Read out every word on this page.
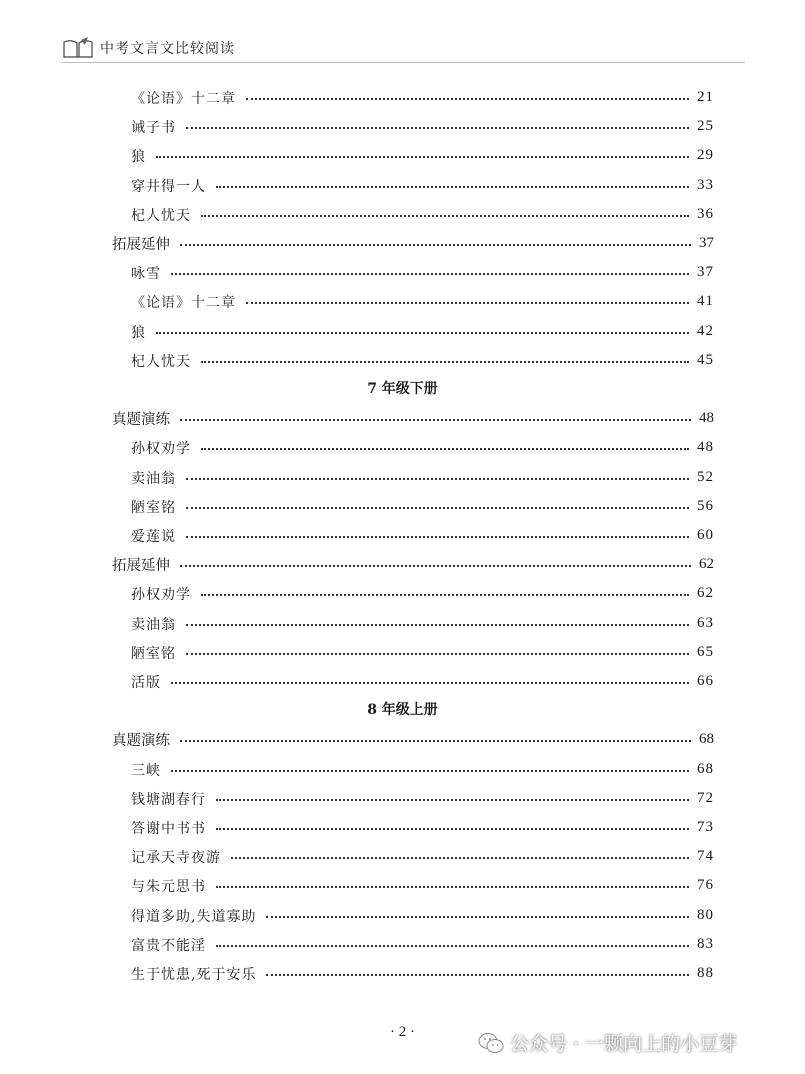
中考文言文比较阅读
《论语》十二章	21
诫子书	25
狼	29
穿井得一人	33
杞人忧天	36
拓展延伸	37
咏雪	37
《论语》十二章	41
狼	42
杞人忧天	45
7 年级下册
真题演练	48
孙权劝学	48
卖油翁	52
陋室铭	56
爱莲说	60
拓展延伸	62
孙权劝学	62
卖油翁	63
陋室铭	65
活版	66
8 年级上册
真题演练	68
三峡	68
钱塘湖春行	72
答谢中书书	73
记承天寺夜游	74
与朱元思书	76
得道多助,失道寡助	80
富贵不能淫	83
生于忧患,死于安乐	88
· 2 ·
公众号 · 一颗向上的小豆芽
